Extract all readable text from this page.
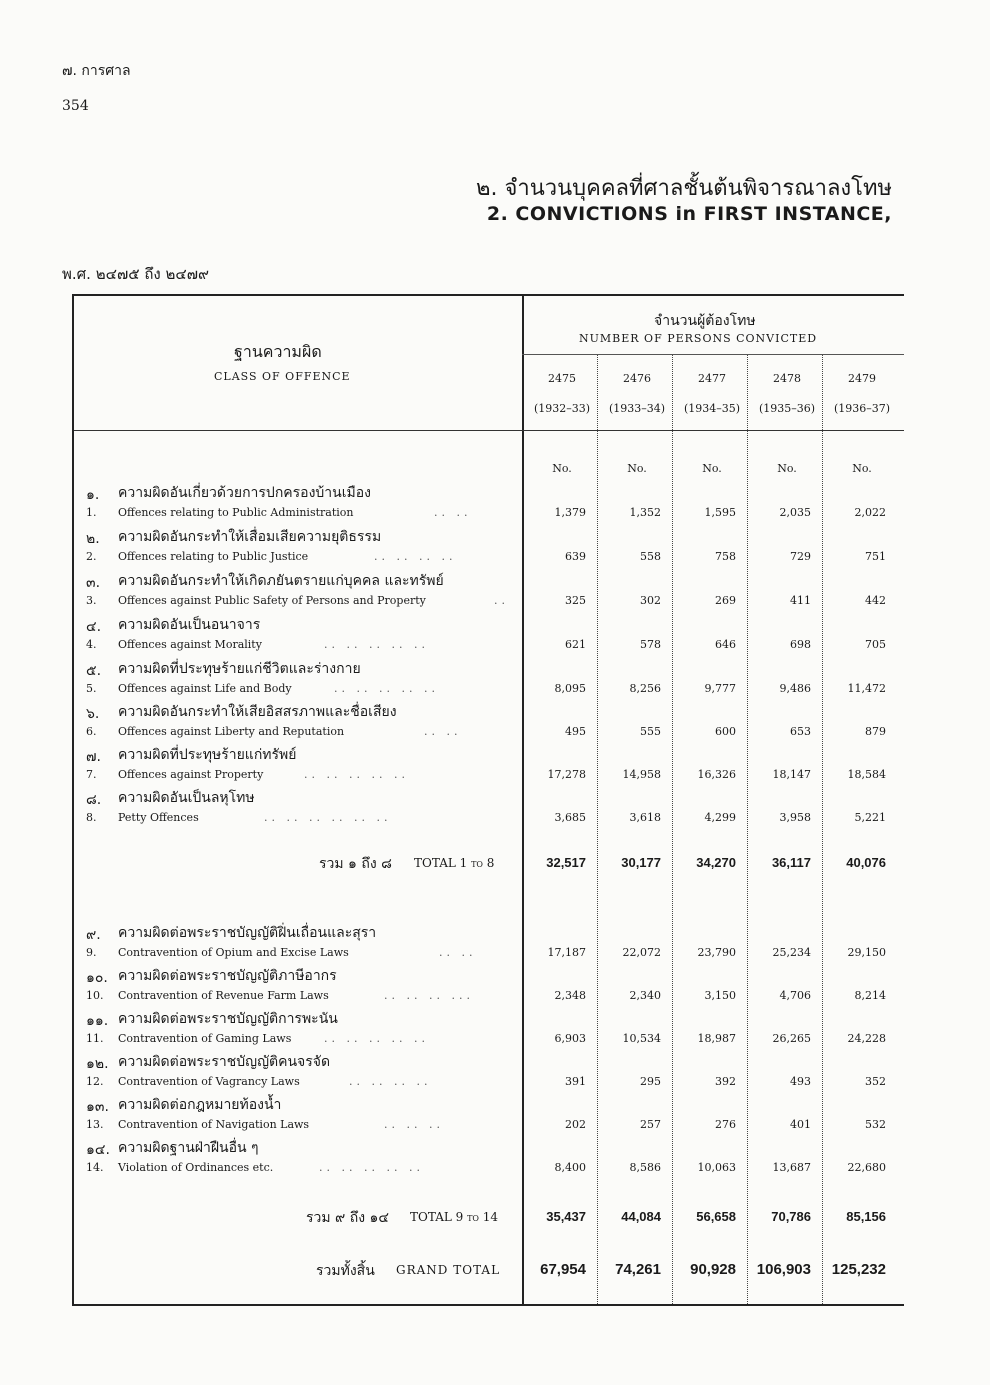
๗. การศาล
354
๒. จำนวนบุคคลที่ศาลชั้นต้นพิจารณาลงโทษ
2. CONVICTIONS in FIRST INSTANCE,
พ.ศ. ๒๔๗๕ ถึง ๒๔๗๙
ฐานความผิด
CLASS OF OFFENCE
จำนวนผู้ต้องโทษ
NUMBER OF PERSONS CONVICTED
2475	2476	2477	2478	2479
(1932–33)	(1933–34)	(1934–35)	(1935–36)	(1936–37)
No.	No.	No.	No.	No.
๑. ความผิดอันเกี่ยวด้วยการปกครองบ้านเมือง
1. Offences relating to Public Administration	.. ..	1,379	1,352	1,595	2,035	2,022
๒. ความผิดอันกระทำให้เสื่อมเสียความยุติธรรม
2. Offences relating to Public Justice	.. .. .. ..	639	558	758	729	751
๓. ความผิดอันกระทำให้เกิดภยันตรายแก่บุคคล และทรัพย์
3. Offences against Public Safety of Persons and Property	..	325	302	269	411	442
๔. ความผิดอันเป็นอนาจาร
4. Offences against Morality	.. .. .. .. ..	621	578	646	698	705
๕. ความผิดที่ประทุษร้ายแก่ชีวิตและร่างกาย
5. Offences against Life and Body	.. .. .. .. ..	8,095	8,256	9,777	9,486	11,472
๖. ความผิดอันกระทำให้เสียอิสสรภาพและชื่อเสียง
6. Offences against Liberty and Reputation	.. ..	495	555	600	653	879
๗. ความผิดที่ประทุษร้ายแก่ทรัพย์
7. Offences against Property	.. .. .. .. ..	17,278	14,958	16,326	18,147	18,584
๘. ความผิดอันเป็นลหุโทษ
8. Petty Offences	.. .. .. .. .. ..	3,685	3,618	4,299	3,958	5,221
รวม ๑ ถึง ๘ TOTAL 1 to 8	32,517	30,177	34,270	36,117	40,076
๙. ความผิดต่อพระราชบัญญัติฝิ่นเถื่อนและสุรา
9. Contravention of Opium and Excise Laws	.. ..	17,187	22,072	23,790	25,234	29,150
๑๐. ความผิดต่อพระราชบัญญัติภาษีอากร
10. Contravention of Revenue Farm Laws	.. .. .. ...	2,348	2,340	3,150	4,706	8,214
๑๑. ความผิดต่อพระราชบัญญัติการพะนัน
11. Contravention of Gaming Laws	.. .. .. .. ..	6,903	10,534	18,987	26,265	24,228
๑๒. ความผิดต่อพระราชบัญญัติคนจรจัด
12. Contravention of Vagrancy Laws	.. .. .. ..	391	295	392	493	352
๑๓. ความผิดต่อกฎหมายท้องน้ำ
13. Contravention of Navigation Laws	.. .. ..	202	257	276	401	532
๑๔. ความผิดฐานฝ่าฝืนอื่น ๆ
14. Violation of Ordinances etc.	.. .. .. .. ..	8,400	8,586	10,063	13,687	22,680
รวม ๙ ถึง ๑๔ TOTAL 9 to 14	35,437	44,084	56,658	70,786	85,156
รวมทั้งสิ้น GRAND TOTAL	67,954	74,261	90,928	106,903	125,232
